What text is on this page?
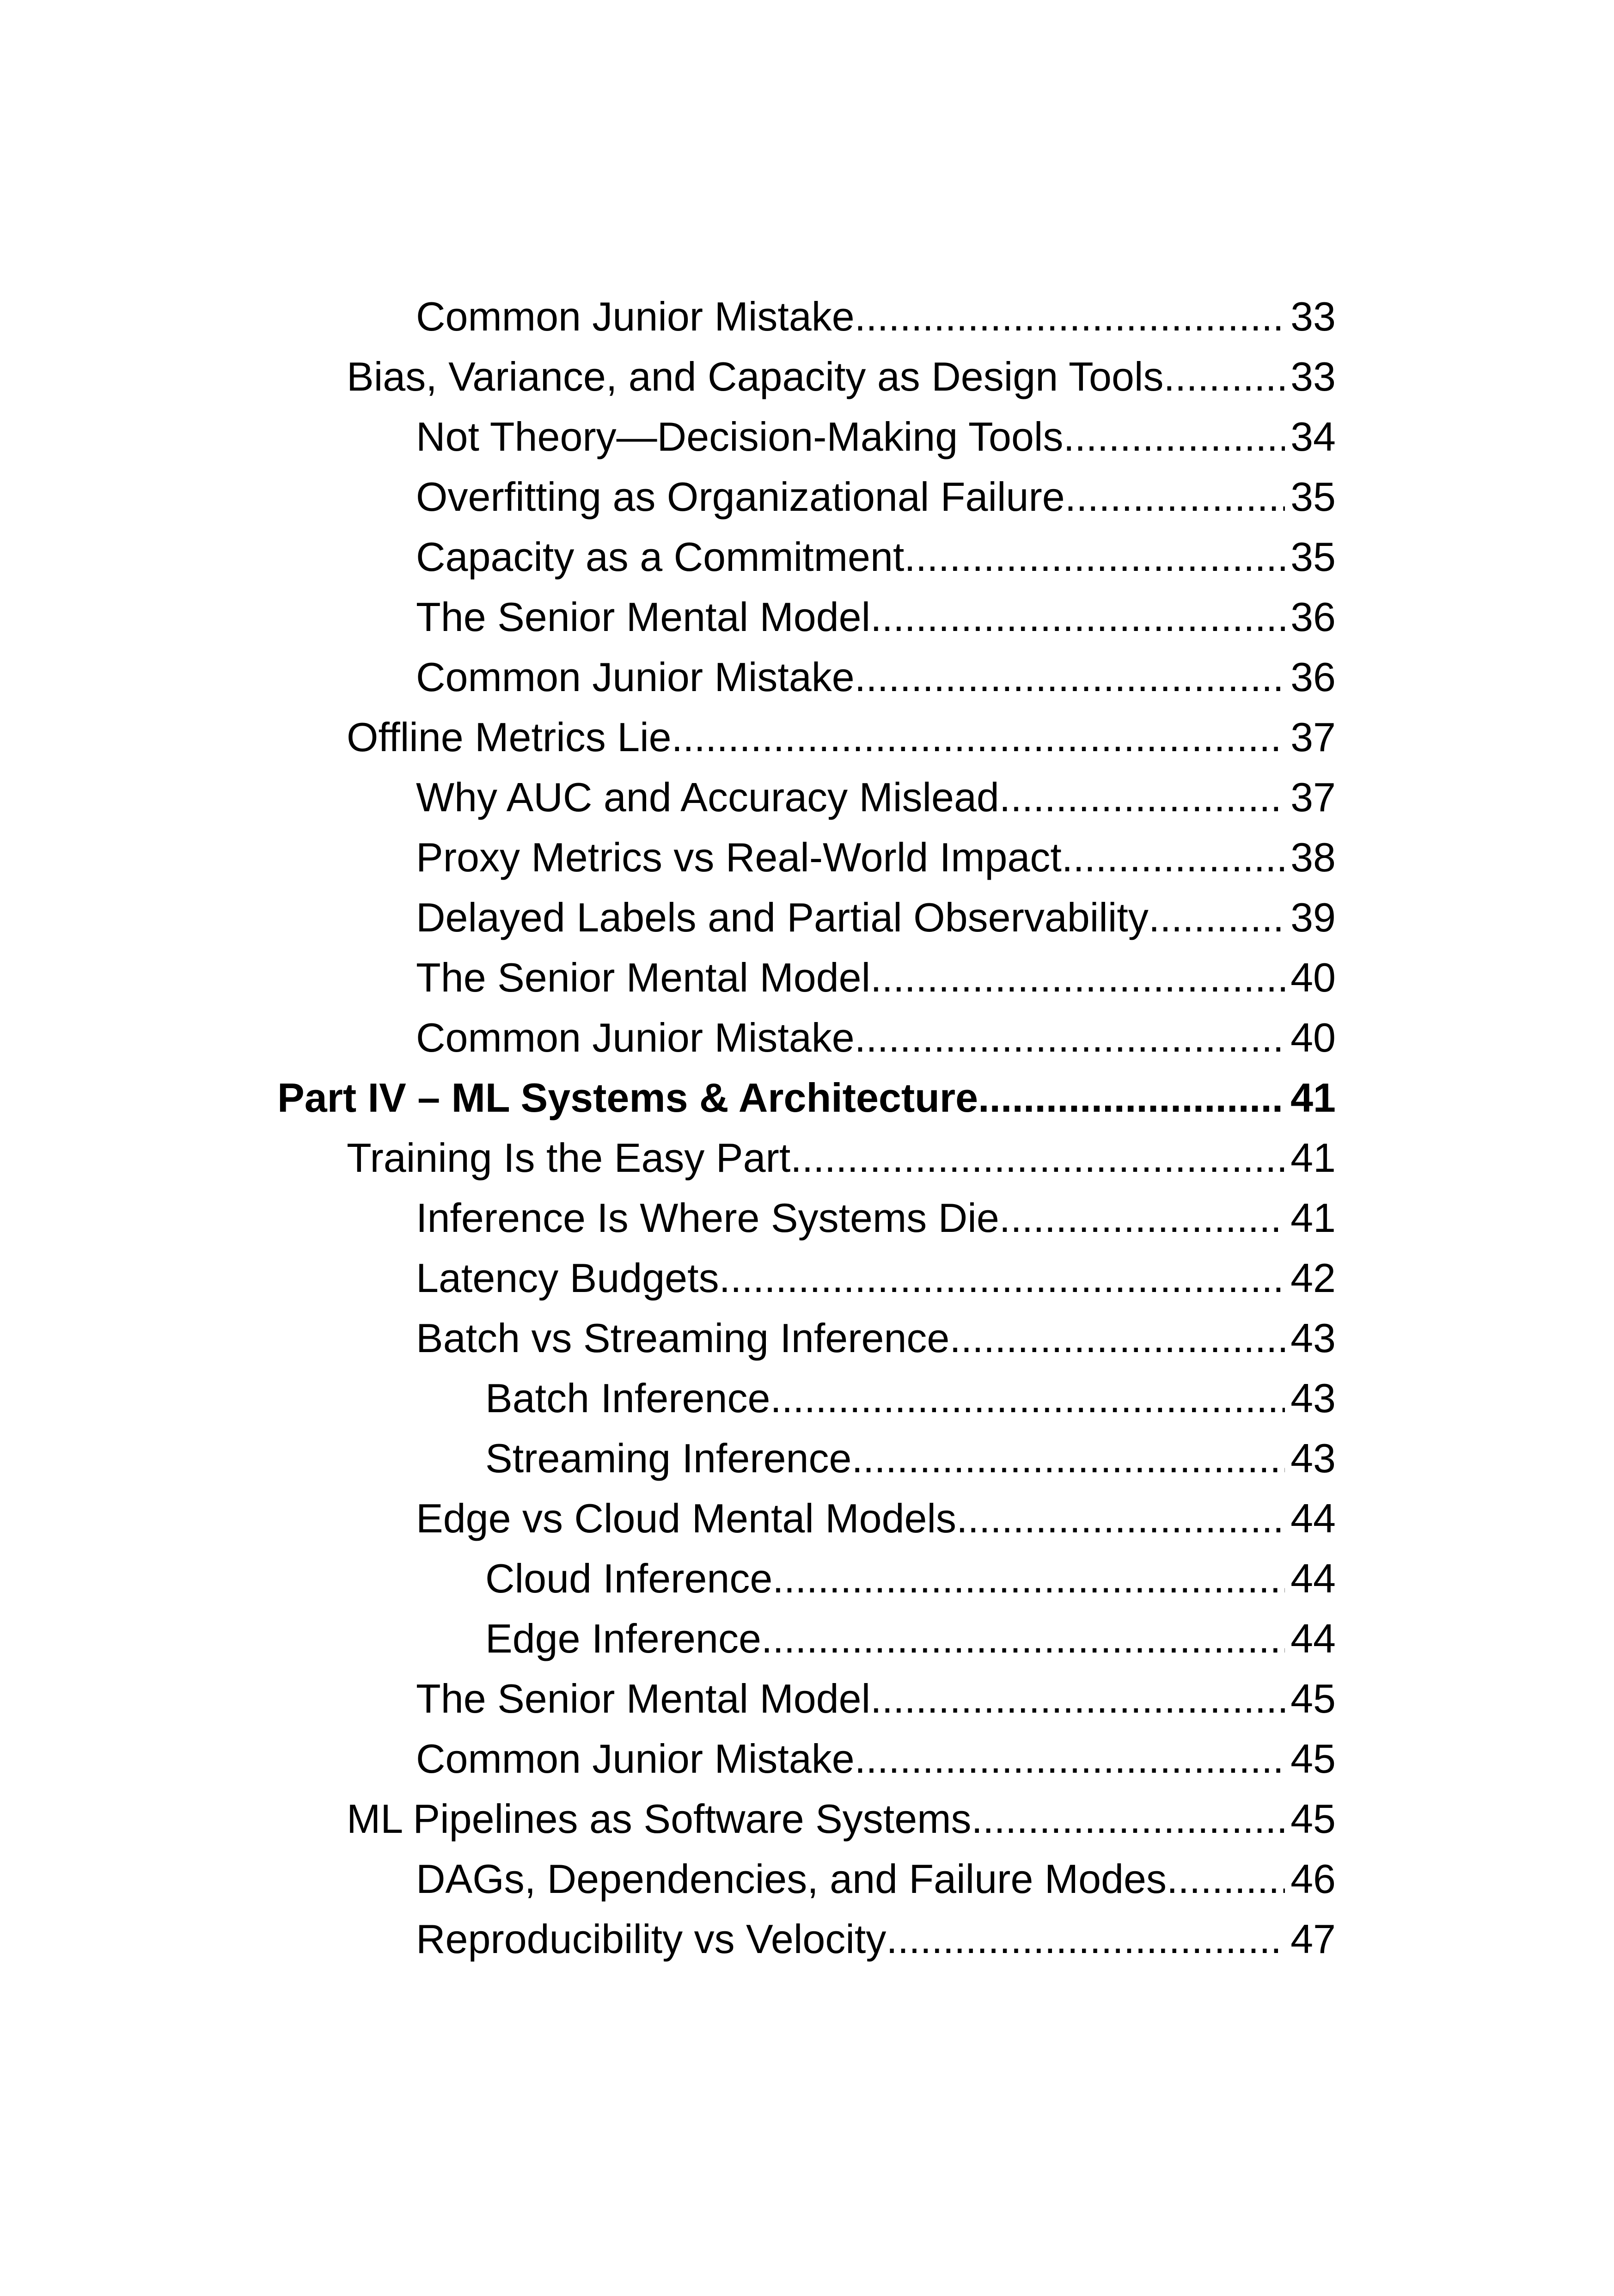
Common Junior Mistake .....	33
Bias, Variance, and Capacity as Design Tools .....	33
Not Theory—Decision-Making Tools .....	34
Overfitting as Organizational Failure .....	35
Capacity as a Commitment .....	35
The Senior Mental Model .....	36
Common Junior Mistake .....	36
Offline Metrics Lie .....	37
Why AUC and Accuracy Mislead .....	37
Proxy Metrics vs Real-World Impact .....	38
Delayed Labels and Partial Observability .....	39
The Senior Mental Model .....	40
Common Junior Mistake .....	40
Part IV – ML Systems & Architecture .....	41
Training Is the Easy Part .....	41
Inference Is Where Systems Die .....	41
Latency Budgets .....	42
Batch vs Streaming Inference .....	43
Batch Inference .....	43
Streaming Inference .....	43
Edge vs Cloud Mental Models .....	44
Cloud Inference .....	44
Edge Inference .....	44
The Senior Mental Model .....	45
Common Junior Mistake .....	45
ML Pipelines as Software Systems .....	45
DAGs, Dependencies, and Failure Modes .....	46
Reproducibility vs Velocity .....	47
